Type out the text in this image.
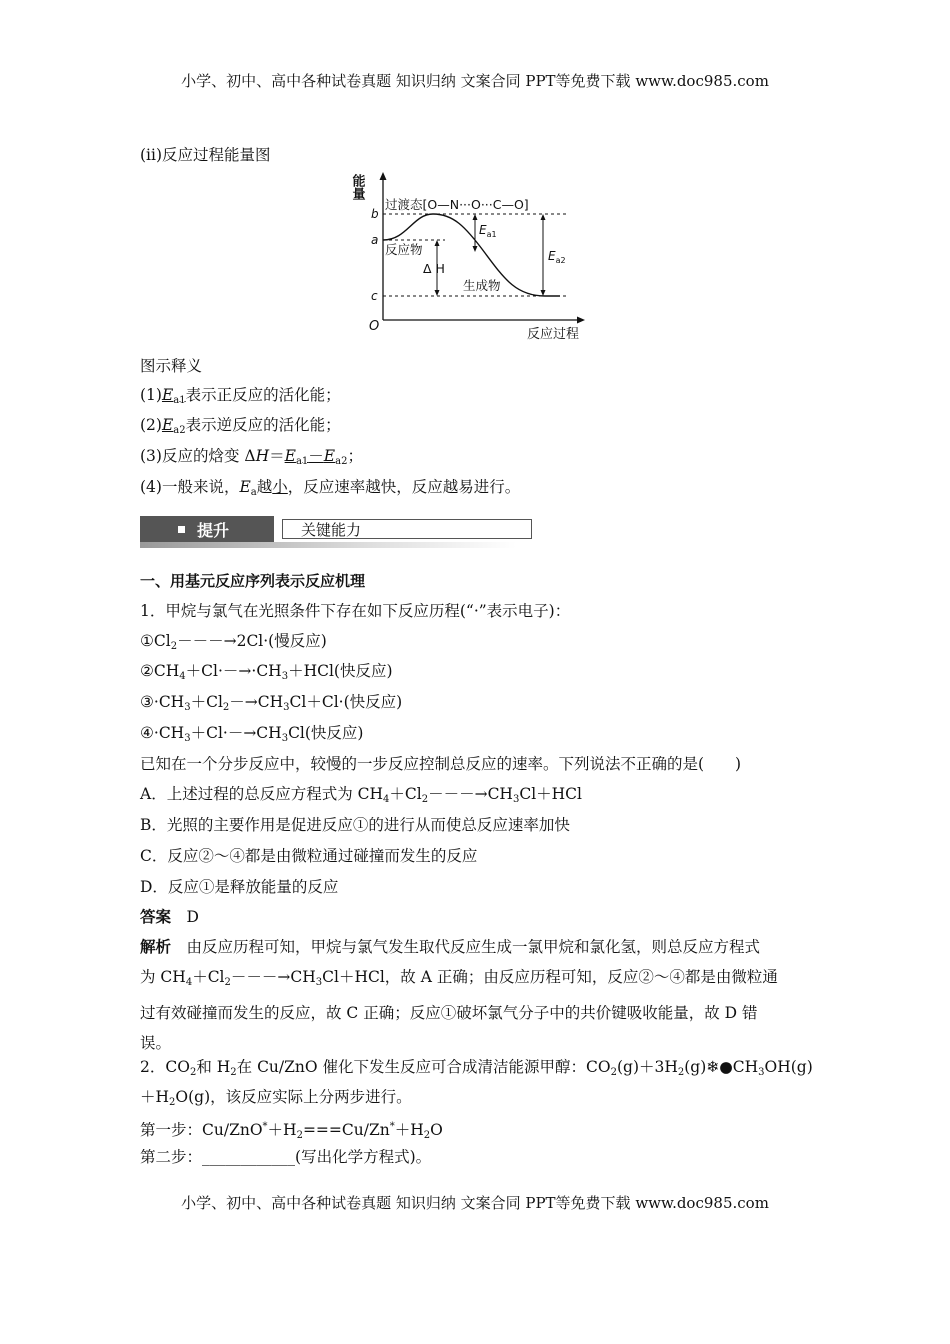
小学、初中、高中各种试卷真题 知识归纳 文案合同 PPT等免费下载 www.doc985.com
(ⅱ)反应过程能量图
能量
O
反应过程
b
a
c
过渡态[O—N···O···C—O]
反应物
生成物
Δ H
$E_{a1}$
$E_{a2}$
图示释义
$(1)E_{a1}$表示正反应的活化能；
$(2)E_{a2}$表示逆反应的活化能；
(3)反应的焓变 $\Delta H=E_{a1}-E_{a2}$；
(4)一般来说，$E_a$越小，反应速率越快，反应越易进行。
提升	关键能力
一、用基元反应序列表示反应机理
1．甲烷与氯气在光照条件下存在如下反应历程(“·”表示电子)：
$①Cl_2---\to 2Cl\cdot$(慢反应)
$②CH_4+Cl\cdot-\to\cdot CH_3+HCl$(快反应)
$③\cdot CH_3+Cl_2-\to CH_3Cl+Cl\cdot$(快反应)
$④\cdot CH_3+Cl\cdot-\to CH_3Cl$(快反应)
已知在一个分步反应中，较慢的一步反应控制总反应的速率。下列说法不正确的是(　　)
A．上述过程的总反应方程式为 $CH_4+Cl_2---\to CH_3Cl+HCl$
B．光照的主要作用是促进反应①的进行从而使总反应速率加快
C．反应②～④都是由微粒通过碰撞而发生的反应
D．反应①是释放能量的反应
答案　 D
解析　 由反应历程可知，甲烷与氯气发生取代反应生成一氯甲烷和氯化氢，则总反应方程式
为 $CH_4+Cl_2---\to CH_3Cl+HCl$，故 A 正确；由反应历程可知，反应②～④都是由微粒通
过有效碰撞而发生的反应，故 C 正确；反应①破坏氯气分子中的共价键吸收能量，故 D 错
误。
2．$CO_2$和 $H_2$在 Cu/ZnO 催化下发生反应可合成清洁能源甲醇：$CO_2(g)+3H_2(g)❄●CH_3OH(g)$
$+H_2O(g)$，该反应实际上分两步进行。
第一步：$Cu/ZnO^*+H_2===Cu/Zn^*+H_2O$
第二步：____________(写出化学方程式)。
小学、初中、高中各种试卷真题 知识归纳 文案合同 PPT等免费下载 www.doc985.com
